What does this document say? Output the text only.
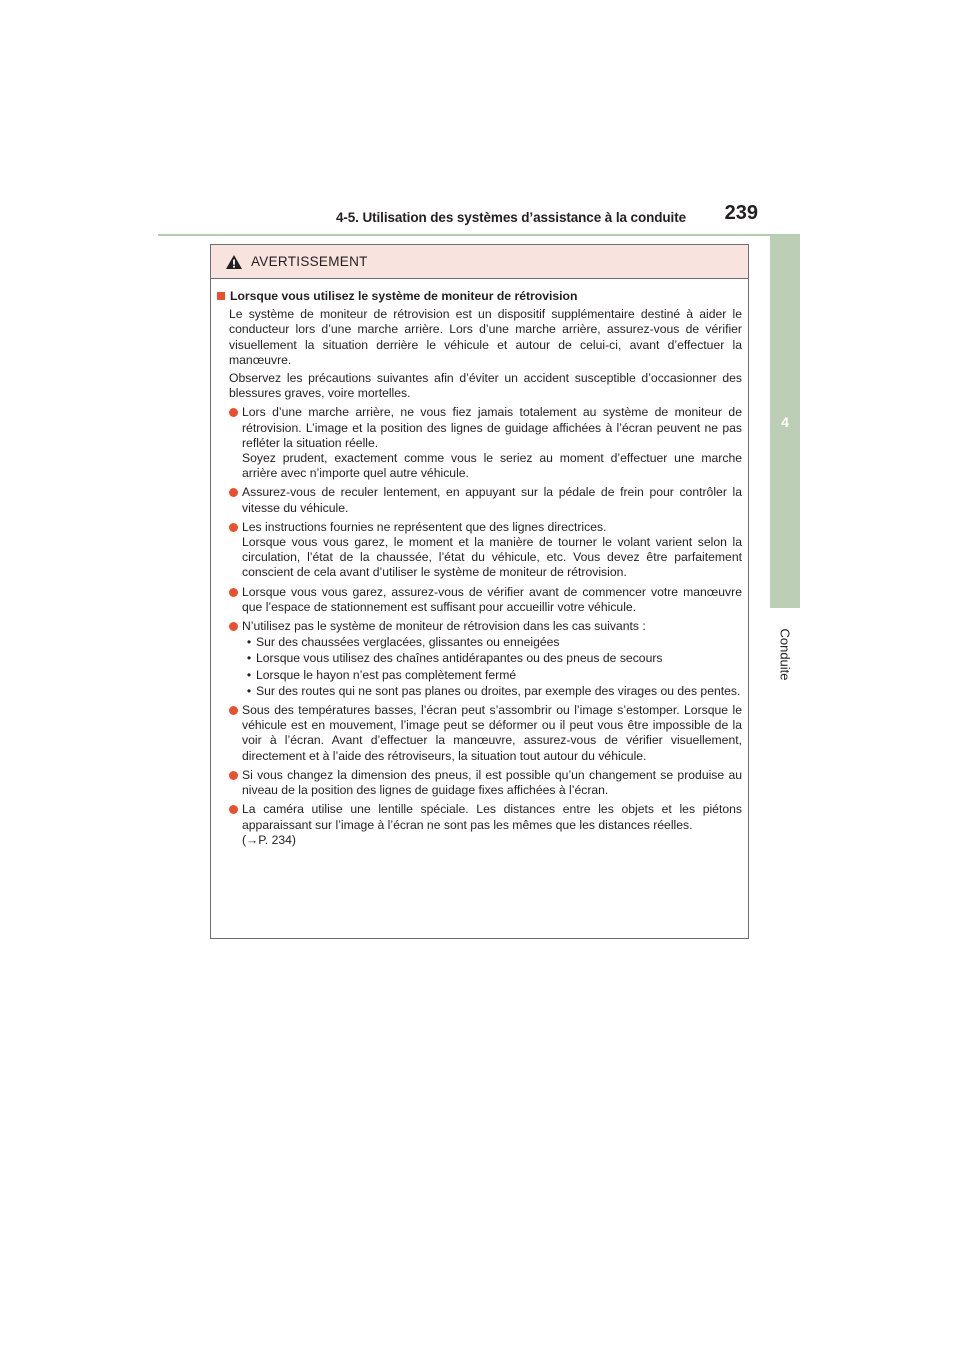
4-5. Utilisation des systèmes d’assistance à la conduite 239
4
Conduite
AVERTISSEMENT
Lorsque vous utilisez le système de moniteur de rétrovision
Le système de moniteur de rétrovision est un dispositif supplémentaire destiné à aider le conducteur lors d’une marche arrière. Lors d’une marche arrière, assurez-vous de vérifier visuellement la situation derrière le véhicule et autour de celui-ci, avant d’effectuer la manœuvre.
Observez les précautions suivantes afin d’éviter un accident susceptible d’occasionner des blessures graves, voire mortelles.
Lors d’une marche arrière, ne vous fiez jamais totalement au système de moniteur de rétrovision. L’image et la position des lignes de guidage affichées à l’écran peuvent ne pas refléter la situation réelle.
Soyez prudent, exactement comme vous le seriez au moment d’effectuer une marche arrière avec n’importe quel autre véhicule.
Assurez-vous de reculer lentement, en appuyant sur la pédale de frein pour contrôler la vitesse du véhicule.
Les instructions fournies ne représentent que des lignes directrices.
Lorsque vous vous garez, le moment et la manière de tourner le volant varient selon la circulation, l’état de la chaussée, l’état du véhicule, etc. Vous devez être parfaitement conscient de cela avant d’utiliser le système de moniteur de rétrovision.
Lorsque vous vous garez, assurez-vous de vérifier avant de commencer votre manœuvre que l’espace de stationnement est suffisant pour accueillir votre véhicule.
N’utilisez pas le système de moniteur de rétrovision dans les cas suivants :
• Sur des chaussées verglacées, glissantes ou enneigées
• Lorsque vous utilisez des chaînes antidérapantes ou des pneus de secours
• Lorsque le hayon n’est pas complètement fermé
• Sur des routes qui ne sont pas planes ou droites, par exemple des virages ou des pentes.
Sous des températures basses, l’écran peut s’assombrir ou l’image s’estomper. Lorsque le véhicule est en mouvement, l’image peut se déformer ou il peut vous être impossible de la voir à l’écran. Avant d’effectuer la manœuvre, assurez-vous de vérifier visuellement, directement et à l’aide des rétroviseurs, la situation tout autour du véhicule.
Si vous changez la dimension des pneus, il est possible qu’un changement se produise au niveau de la position des lignes de guidage fixes affichées à l’écran.
La caméra utilise une lentille spéciale. Les distances entre les objets et les piétons apparaissant sur l’image à l’écran ne sont pas les mêmes que les distances réelles.
(→P. 234)
